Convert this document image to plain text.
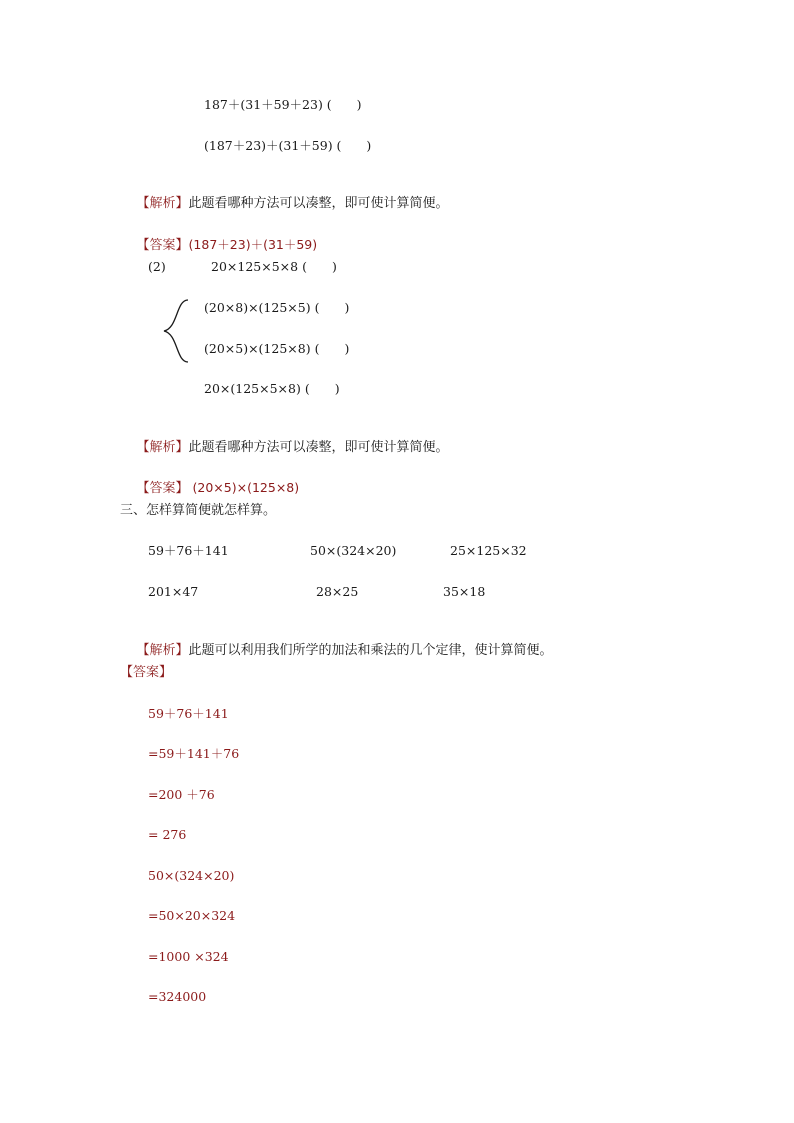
187＋(31＋59＋23) (　　)
(187＋23)＋(31＋59) (　　)

【解析】此题看哪种方法可以凑整，即可使计算简便。

【答案】(187＋23)＋(31＋59)

(2)	20×125×5×8 (　　)
(20×8)×(125×5) (　　)
(20×5)×(125×8) (　　)
20×(125×5×8) (　　)

【解析】此题看哪种方法可以凑整，即可使计算简便。

【答案】 (20×5)×(125×8)

三、怎样算简便就怎样算。
59＋76＋141	50×(324×20)	25×125×32
201×47	28×25	35×18

【解析】此题可以利用我们所学的加法和乘法的几个定律，使计算简便。

【答案】
59＋76＋141
=59＋141＋76
=200 ＋76
= 276
50×(324×20)
=50×20×324
=1000 ×324
=324000
